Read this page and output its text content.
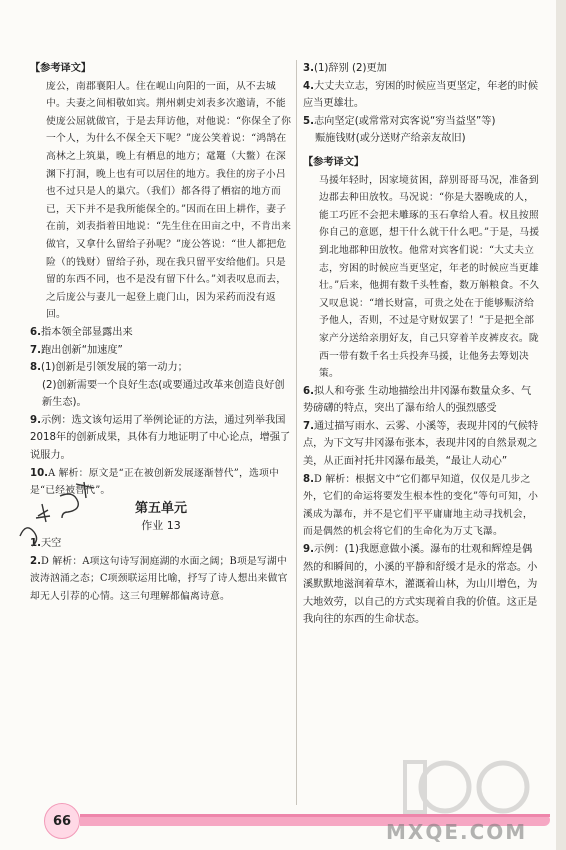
【参考译文】

庞公，南郡襄阳人。住在岘山向阳的一面，从不去城中。夫妻之间相敬如宾。荆州刺史刘表多次邀请，不能使庞公屈就做官，于是去拜访他，对他说：“你保全了你一个人，为什么不保全天下呢？”庞公笑着说：“鸿鹄在高林之上筑巢，晚上有栖息的地方；鼋鼍（大鳖）在深渊下打洞，晚上也有可以居住的地方。我住的房子小吕也不过只是人的巢穴。（我们）都各得了栖宿的地方而已，天下并不是我所能保全的。”因而在田上耕作，妻子在前，刘表指着田地说：“先生住在田亩之中，不肯出来做官，又拿什么留给子孙呢？”庞公答说：“世人都把危险（的钱财）留给子孙，现在我只留平安给他们。只是留的东西不同，也不是没有留下什么。”刘表叹息而去，之后庞公与妻儿一起登上鹿门山，因为采药而没有返回。

6.指本领全部显露出来

7.跑出创新“加速度”

8.(1)创新是引领发展的第一动力；

(2)创新需要一个良好生态(或要通过改革来创造良好创新生态)。

9.示例：选文该句运用了举例论证的方法，通过列举我国2018年的创新成果，具体有力地证明了中心论点，增强了说服力。

10.A 解析：原文是“正在被创新发展逐渐替代”，选项中是“已经被替代”。

第五单元

作业 13

1.天空

2.D 解析：A项这句诗写洞庭湖的水面之阔；B项是写湖中波涛汹涌之态；C项颈联运用比喻，抒写了诗人想出来做官却无人引荐的心情。这三句理解都偏离诗意。

3.(1)辞别 (2)更加

4.大丈夫立志，穷困的时候应当更坚定，年老的时候应当更雄壮。

5.志向坚定(或常常对宾客说“穷当益坚”等)

赈施钱财(或分送财产给亲友故旧)

【参考译文】

马援年轻时，因家境贫困，辞别哥哥马况，准备到边郡去种田放牧。马况说：“你是大器晚成的人，能工巧匠不会把未雕琢的玉石拿给人看。权且按照你自己的意愿，想干什么就干什么吧。”于是，马援到北地郡种田放牧。他常对宾客们说：“大丈夫立志，穷困的时候应当更坚定，年老的时候应当更雄壮。”后来，他拥有数千头牲畜，数万斛粮食。不久又叹息说：“增长财富，可贵之处在于能够赈济给予他人，否则，不过是守财奴罢了！”于是把全部家产分送给亲朋好友，自己只穿着羊皮裤皮衣。陇西一带有数千名士兵投奔马援，让他务去筹划决策。

6.拟人和夸张 生动地描绘出井冈瀑布数量众多、气势磅礴的特点，突出了瀑布给人的强烈感受

7.通过描写雨水、云雾、小溪等，表现井冈的气候特点，为下文写井冈瀑布张本，表现井冈的自然景观之美，从正面衬托井冈瀑布最美，“最让人动心”

8.D 解析：根据文中“它们都早知道，仅仅是几步之外，它们的命运将要发生根本性的变化”等句可知，小溪成为瀑布，并不是它们平平庸庸地主动寻找机会，而是偶然的机会将它们的生命化为万丈飞瀑。

9.示例：(1)我愿意做小溪。瀑布的壮观和辉煌是偶然的和瞬间的，小溪的平静和舒缓才是永的常态。小溪默默地滋润着草木，灌溉着山林，为山川增色，为大地效劳，以自己的方式实现着自我的价值。这正是我向往的东西的生命状态。

66	MXQE.COM
